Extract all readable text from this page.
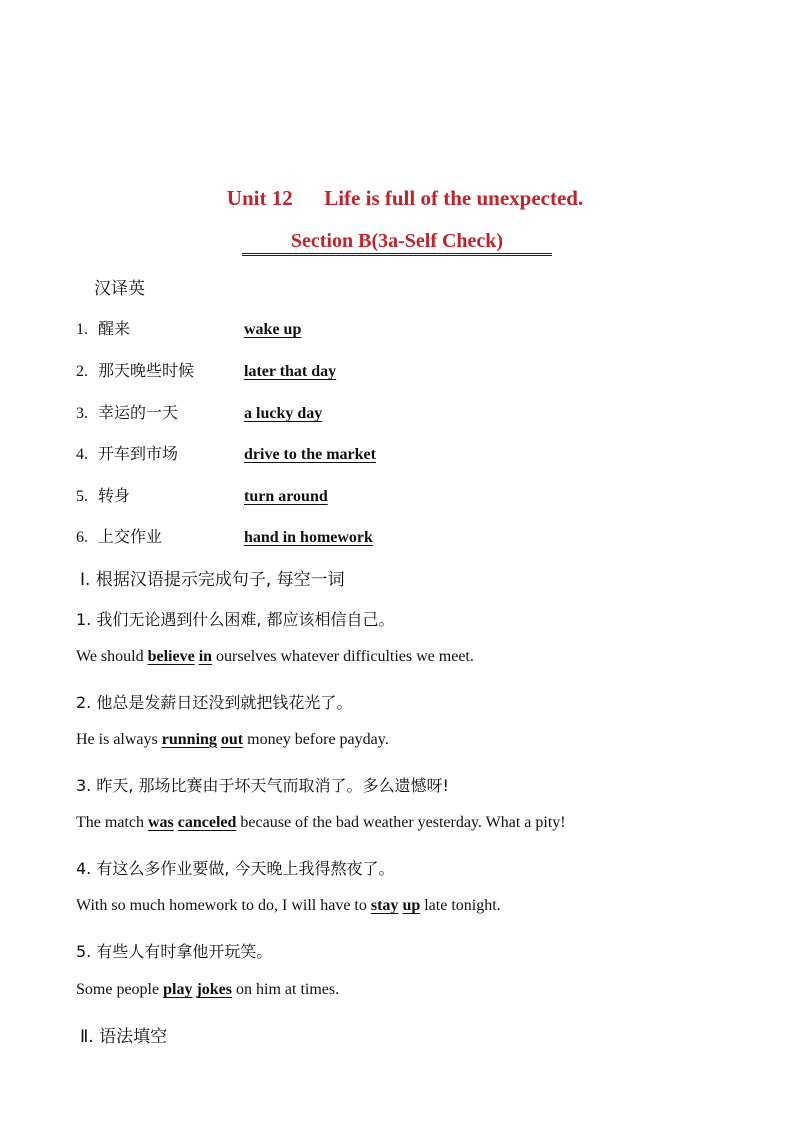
Unit 12      Life is full of the unexpected.
Section B(3a-Self Check)
汉译英
1. 醒来	wake up
2. 那天晚些时候	later that day
3. 幸运的一天	a lucky day
4. 开车到市场	drive to the market
5. 转身	turn around
6. 上交作业	hand in homework
Ⅰ. 根据汉语提示完成句子, 每空一词
1. 我们无论遇到什么困难, 都应该相信自己。
We should believe in ourselves whatever difficulties we meet.
2. 他总是发薪日还没到就把钱花光了。
He is always running out money before payday.
3. 昨天, 那场比赛由于坏天气而取消了。多么遗憾呀!
The match was canceled because of the bad weather yesterday. What a pity!
4. 有这么多作业要做, 今天晚上我得熬夜了。
With so much homework to do, I will have to stay up late tonight.
5. 有些人有时拿他开玩笑。
Some people play jokes on him at times.
Ⅱ. 语法填空
